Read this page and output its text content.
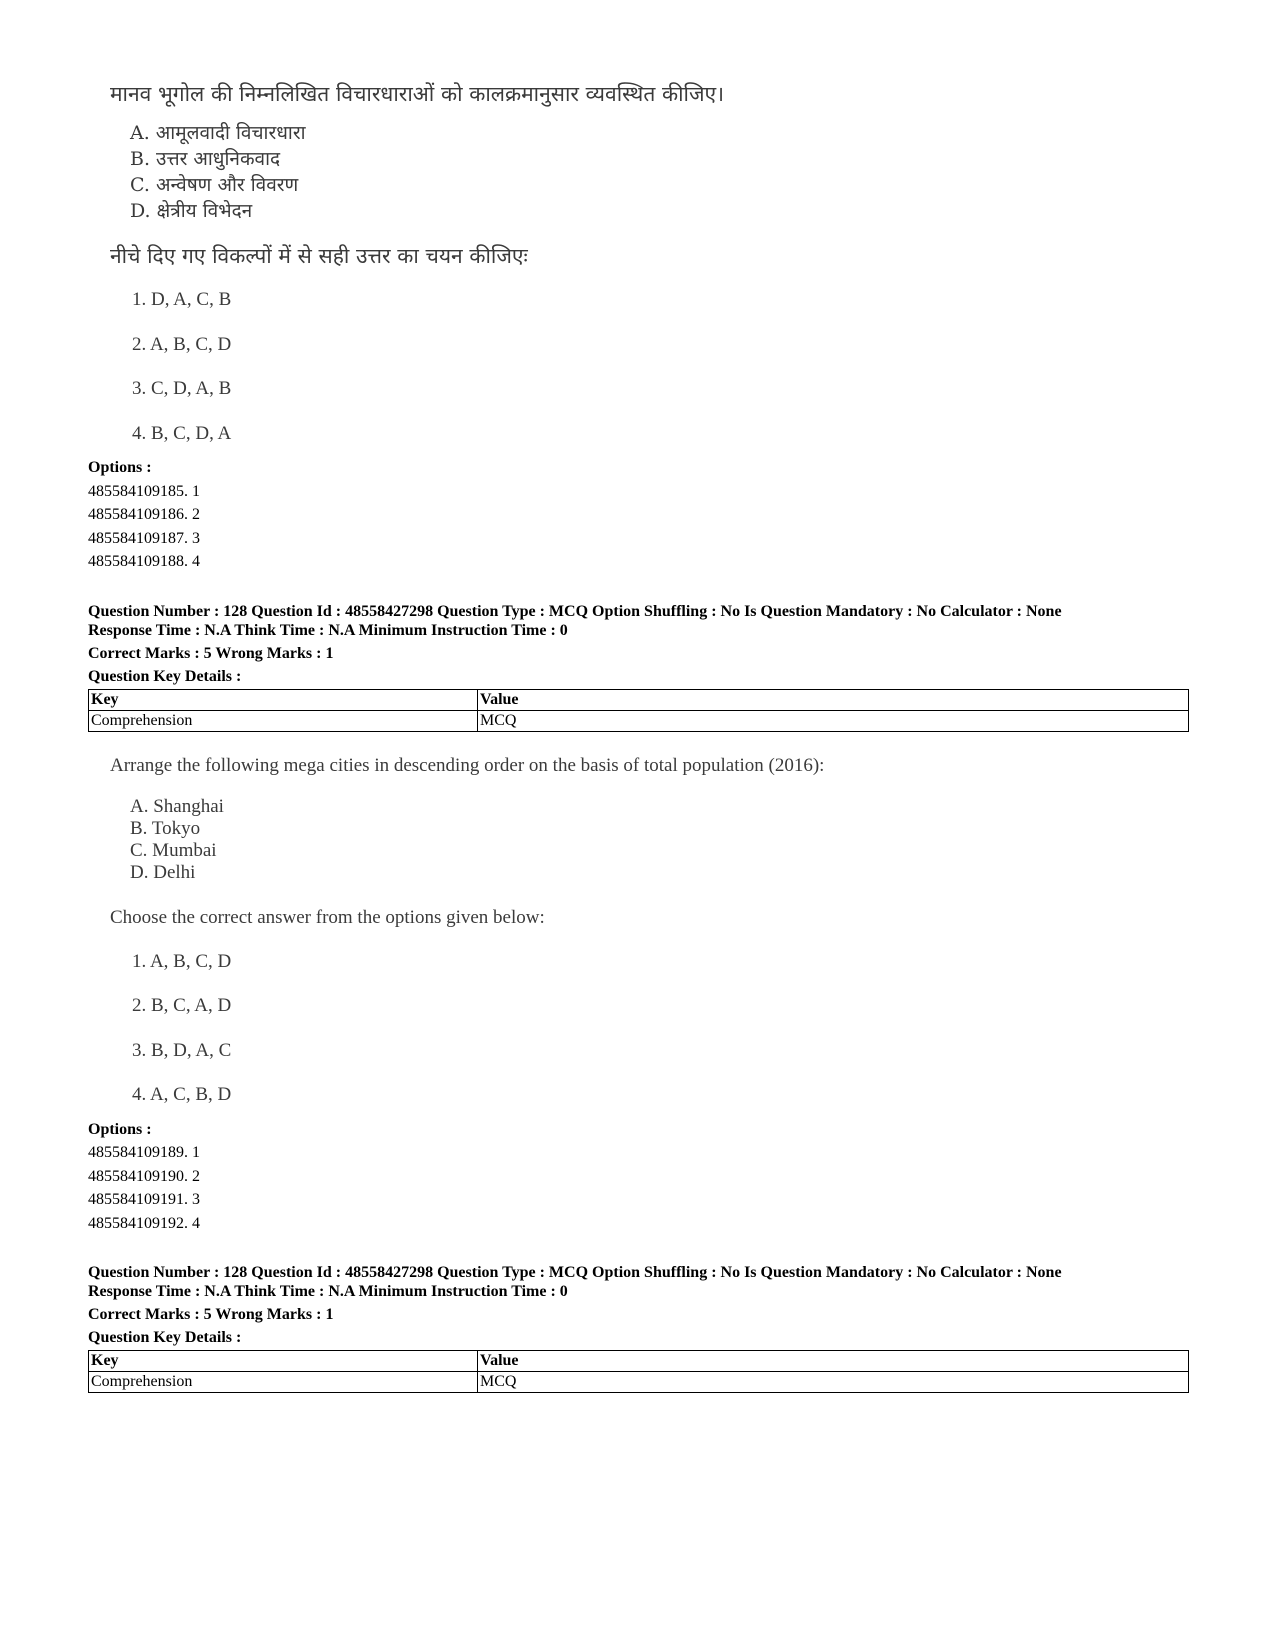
मानव भूगोल की निम्नलिखित विचारधाराओं को कालक्रमानुसार व्यवस्थित कीजिए।
A. आमूलवादी विचारधारा
B. उत्तर आधुनिकवाद
C. अन्वेषण और विवरण
D. क्षेत्रीय विभेदन
नीचे दिए गए विकल्पों में से सही उत्तर का चयन कीजिएः
1. D, A, C, B
2. A, B, C, D
3. C, D, A, B
4. B, C, D, A
Options :
485584109185. 1
485584109186. 2
485584109187. 3
485584109188. 4
Question Number : 128 Question Id : 48558427298 Question Type : MCQ Option Shuffling : No Is Question Mandatory : No Calculator : None
Response Time : N.A Think Time : N.A Minimum Instruction Time : 0
Correct Marks : 5 Wrong Marks : 1
Question Key Details :
Key	Value
Comprehension	MCQ
Arrange the following mega cities in descending order on the basis of total population (2016):
A. Shanghai
B. Tokyo
C. Mumbai
D. Delhi
Choose the correct answer from the options given below:
1. A, B, C, D
2. B, C, A, D
3. B, D, A, C
4. A, C, B, D
Options :
485584109189. 1
485584109190. 2
485584109191. 3
485584109192. 4
Question Number : 128 Question Id : 48558427298 Question Type : MCQ Option Shuffling : No Is Question Mandatory : No Calculator : None
Response Time : N.A Think Time : N.A Minimum Instruction Time : 0
Correct Marks : 5 Wrong Marks : 1
Question Key Details :
Key	Value
Comprehension	MCQ
